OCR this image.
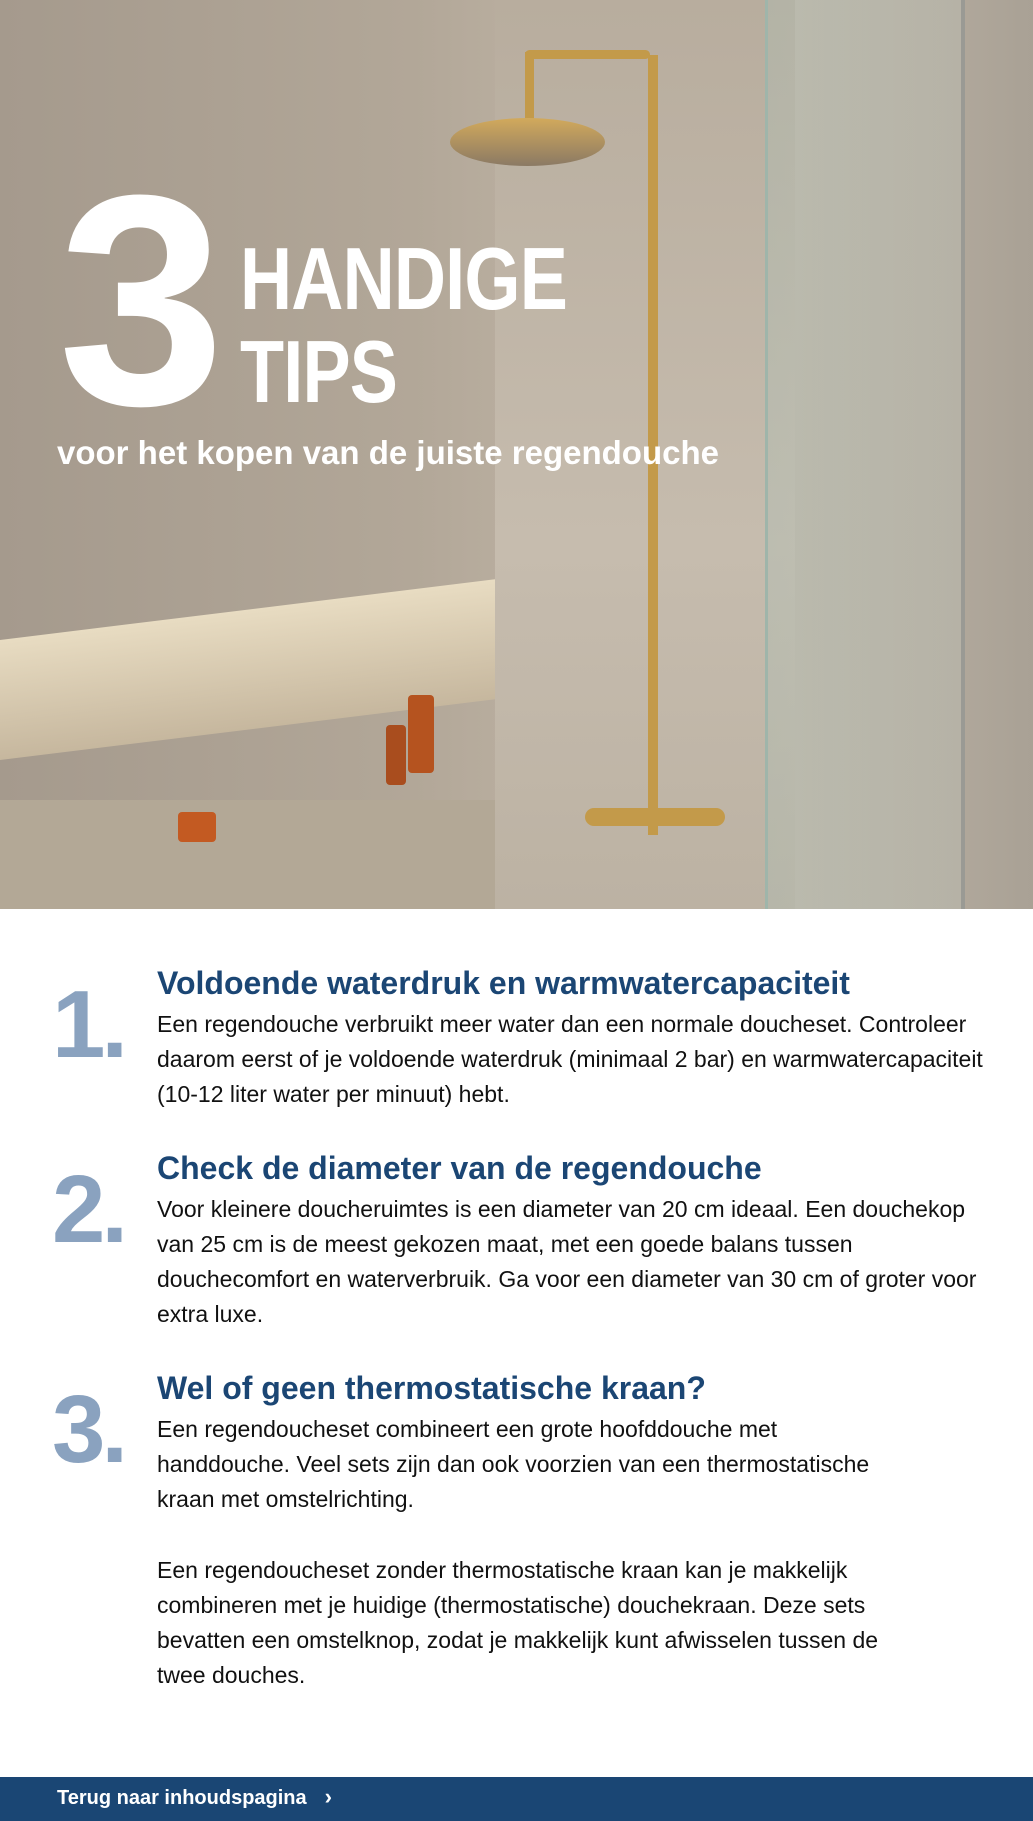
3 HANDIGE
TIPS
voor het kopen van de juiste regendouche
1. Voldoende waterdruk en warmwatercapaciteit

Een regendouche verbruikt meer water dan een normale doucheset. Controleer daarom eerst of je voldoende waterdruk (minimaal 2 bar) en warmwatercapaciteit (10-12 liter water per minuut) hebt.

2. Check de diameter van de regendouche

Voor kleinere doucheruimtes is een diameter van 20 cm ideaal. Een douchekop van 25 cm is de meest gekozen maat, met een goede balans tussen douchecomfort en waterverbruik. Ga voor een diameter van 30 cm of groter voor extra luxe.

3. Wel of geen thermostatische kraan?

Een regendoucheset combineert een grote hoofddouche met handdouche. Veel sets zijn dan ook voorzien van een thermostatische kraan met omstelrichting.

Een regendoucheset zonder thermostatische kraan kan je makkelijk combineren met je huidige (thermostatische) douchekraan. Deze sets bevatten een omstelknop, zodat je makkelijk kunt afwisselen tussen de twee douches.

Terug naar inhoudspagina ›
